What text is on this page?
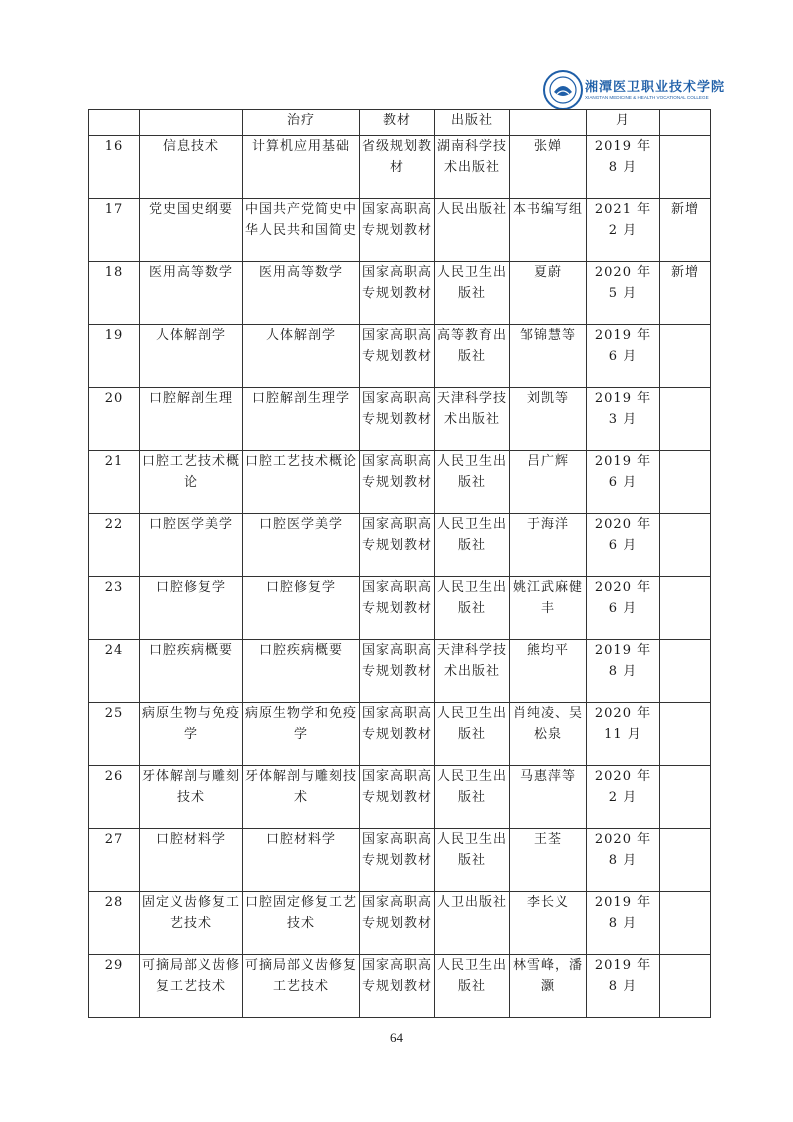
湘潭医卫职业技术学院
XIANGTAN MEDICINE & HEALTH VOCATIONAL COLLEGE
		治疗	教材	出版社		月	
16	信息技术	计算机应用基础	省级规划教材	湖南科学技术出版社	张婵	2019 年 8 月	
17	党史国史纲要	中国共产党简史中华人民共和国简史	国家高职高专规划教材	人民出版社	本书编写组	2021 年 2 月	新增
18	医用高等数学	医用高等数学	国家高职高专规划教材	人民卫生出版社	夏蔚	2020 年 5 月	新增
19	人体解剖学	人体解剖学	国家高职高专规划教材	高等教育出版社	邹锦慧等	2019 年 6 月	
20	口腔解剖生理	口腔解剖生理学	国家高职高专规划教材	天津科学技术出版社	刘凯等	2019 年 3 月	
21	口腔工艺技术概论	口腔工艺技术概论	国家高职高专规划教材	人民卫生出版社	吕广辉	2019 年 6 月	
22	口腔医学美学	口腔医学美学	国家高职高专规划教材	人民卫生出版社	于海洋	2020 年 6 月	
23	口腔修复学	口腔修复学	国家高职高专规划教材	人民卫生出版社	姚江武麻健丰	2020 年 6 月	
24	口腔疾病概要	口腔疾病概要	国家高职高专规划教材	天津科学技术出版社	熊均平	2019 年 8 月	
25	病原生物与免疫学	病原生物学和免疫学	国家高职高专规划教材	人民卫生出版社	肖纯凌、吴松泉	2020 年 11 月	
26	牙体解剖与雕刻技术	牙体解剖与雕刻技术	国家高职高专规划教材	人民卫生出版社	马惠萍等	2020 年 2 月	
27	口腔材料学	口腔材料学	国家高职高专规划教材	人民卫生出版社	王荃	2020 年 8 月	
28	固定义齿修复工艺技术	口腔固定修复工艺技术	国家高职高专规划教材	人卫出版社	李长义	2019 年 8 月	
29	可摘局部义齿修复工艺技术	可摘局部义齿修复工艺技术	国家高职高专规划教材	人民卫生出版社	林雪峰，潘灏	2019 年 8 月	
64
